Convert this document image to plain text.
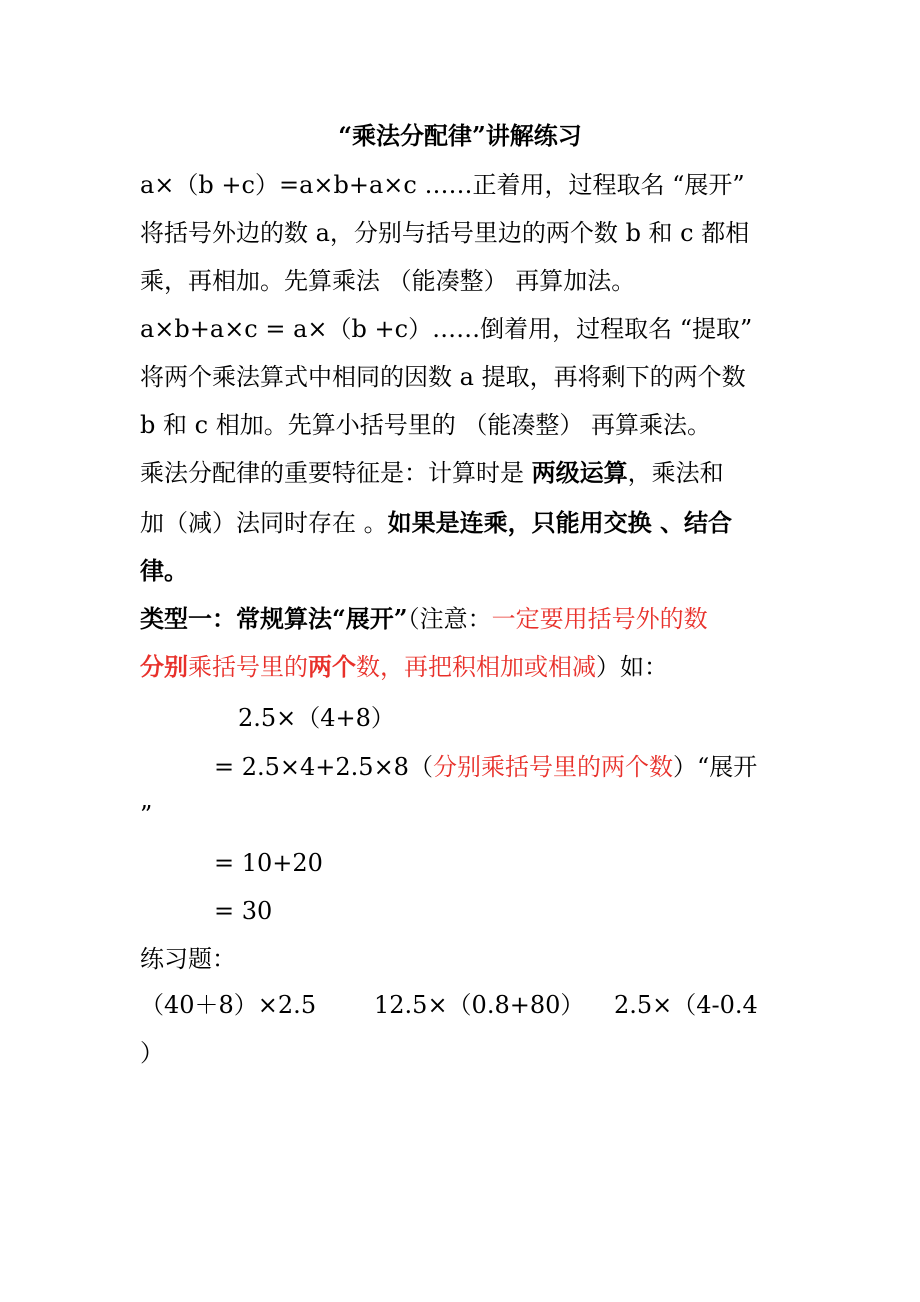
“乘法分配律”讲解练习
a×（b +c）=a×b+a×c ……正着用，过程取名 “展开”
将括号外边的数 a，分别与括号里边的两个数 b 和 c 都相
乘，再相加。先算乘法 （能凑整） 再算加法。
a×b+a×c = a×（b +c）……倒着用，过程取名 “提取”
将两个乘法算式中相同的因数 a 提取，再将剩下的两个数
b 和 c 相加。先算小括号里的 （能凑整） 再算乘法。
乘法分配律的重要特征是：计算时是 两级运算，乘法和
加（减）法同时存在 。如果是连乘，只能用交换 、结合
律。
类型一：常规算法“展开”（注意：一定要用括号外的数
分别乘括号里的两个数，再把积相加或相减）如：
2.5×（4+8）
= 2.5×4+2.5×8（分别乘括号里的两个数）“展开
”
= 10+20
= 30
练习题：
（40＋8）×2.5 12.5×（0.8+80） 2.5×（4-0.4
）
